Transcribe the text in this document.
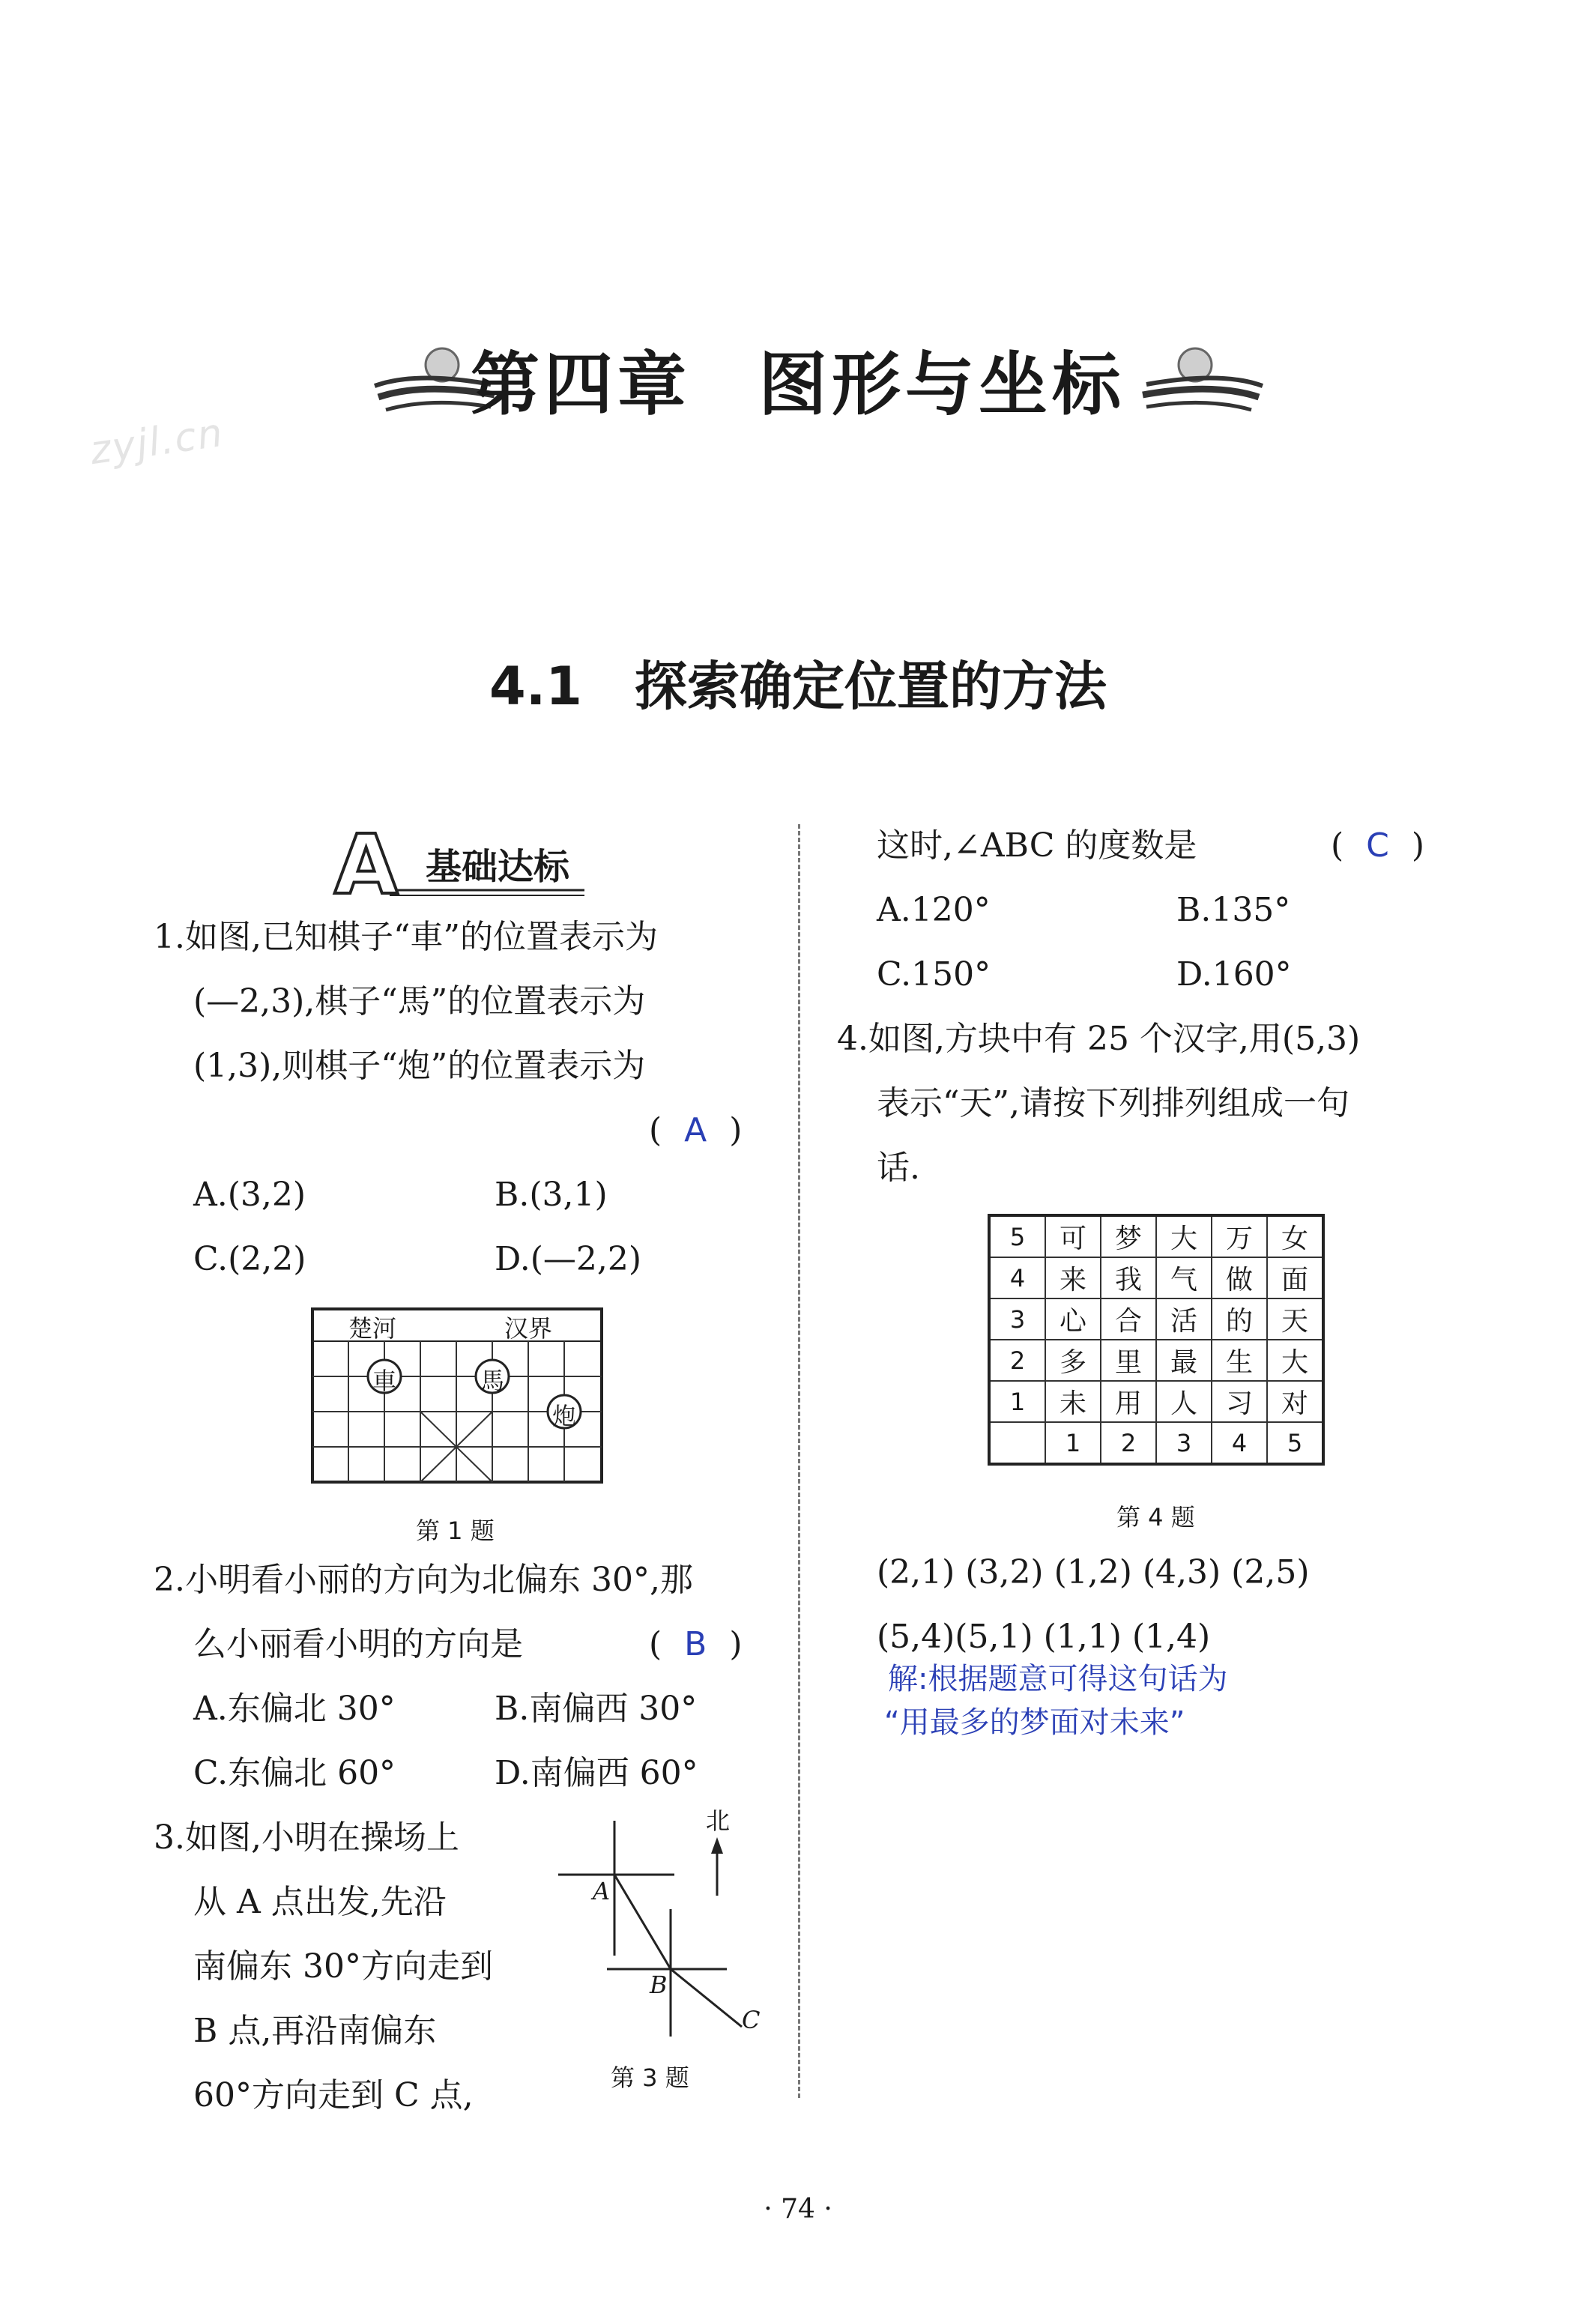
第四章 图形与坐标
zyjl.cn
4.1 探索确定位置的方法
A 基础达标
1.如图,已知棋子“車”的位置表示为
(—2,3),棋子“馬”的位置表示为
(1,3),则棋子“炮”的位置表示为
( A )
A.(3,2)	B.(3,1)
C.(2,2)	D.(—2,2)
楚河	汉界
車	馬
炮
第 1 题
2.小明看小丽的方向为北偏东 30°,那
么小丽看小明的方向是	( B )
A.东偏北 30°	B.南偏西 30°
C.东偏北 60°	D.南偏西 60°
3.如图,小明在操场上
从 A 点出发,先沿
南偏东 30°方向走到
B 点,再沿南偏东
60°方向走到 C 点,
北
A
B
C
第 3 题
这时,∠ABC 的度数是	( C )
A.120°	B.135°
C.150°	D.160°
4.如图,方块中有 25 个汉字,用(5,3)
表示“天”,请按下列排列组成一句
话.
5	可	梦	大	万	女
4	来	我	气	做	面
3	心	合	活	的	天
2	多	里	最	生	大
1	未	用	人	习	对
	1	2	3	4	5
第 4 题
(2,1) (3,2) (1,2) (4,3) (2,5)
(5,4)(5,1) (1,1) (1,4)
解:根据题意可得这句话为
“用最多的梦面对未来”
· 74 ·
